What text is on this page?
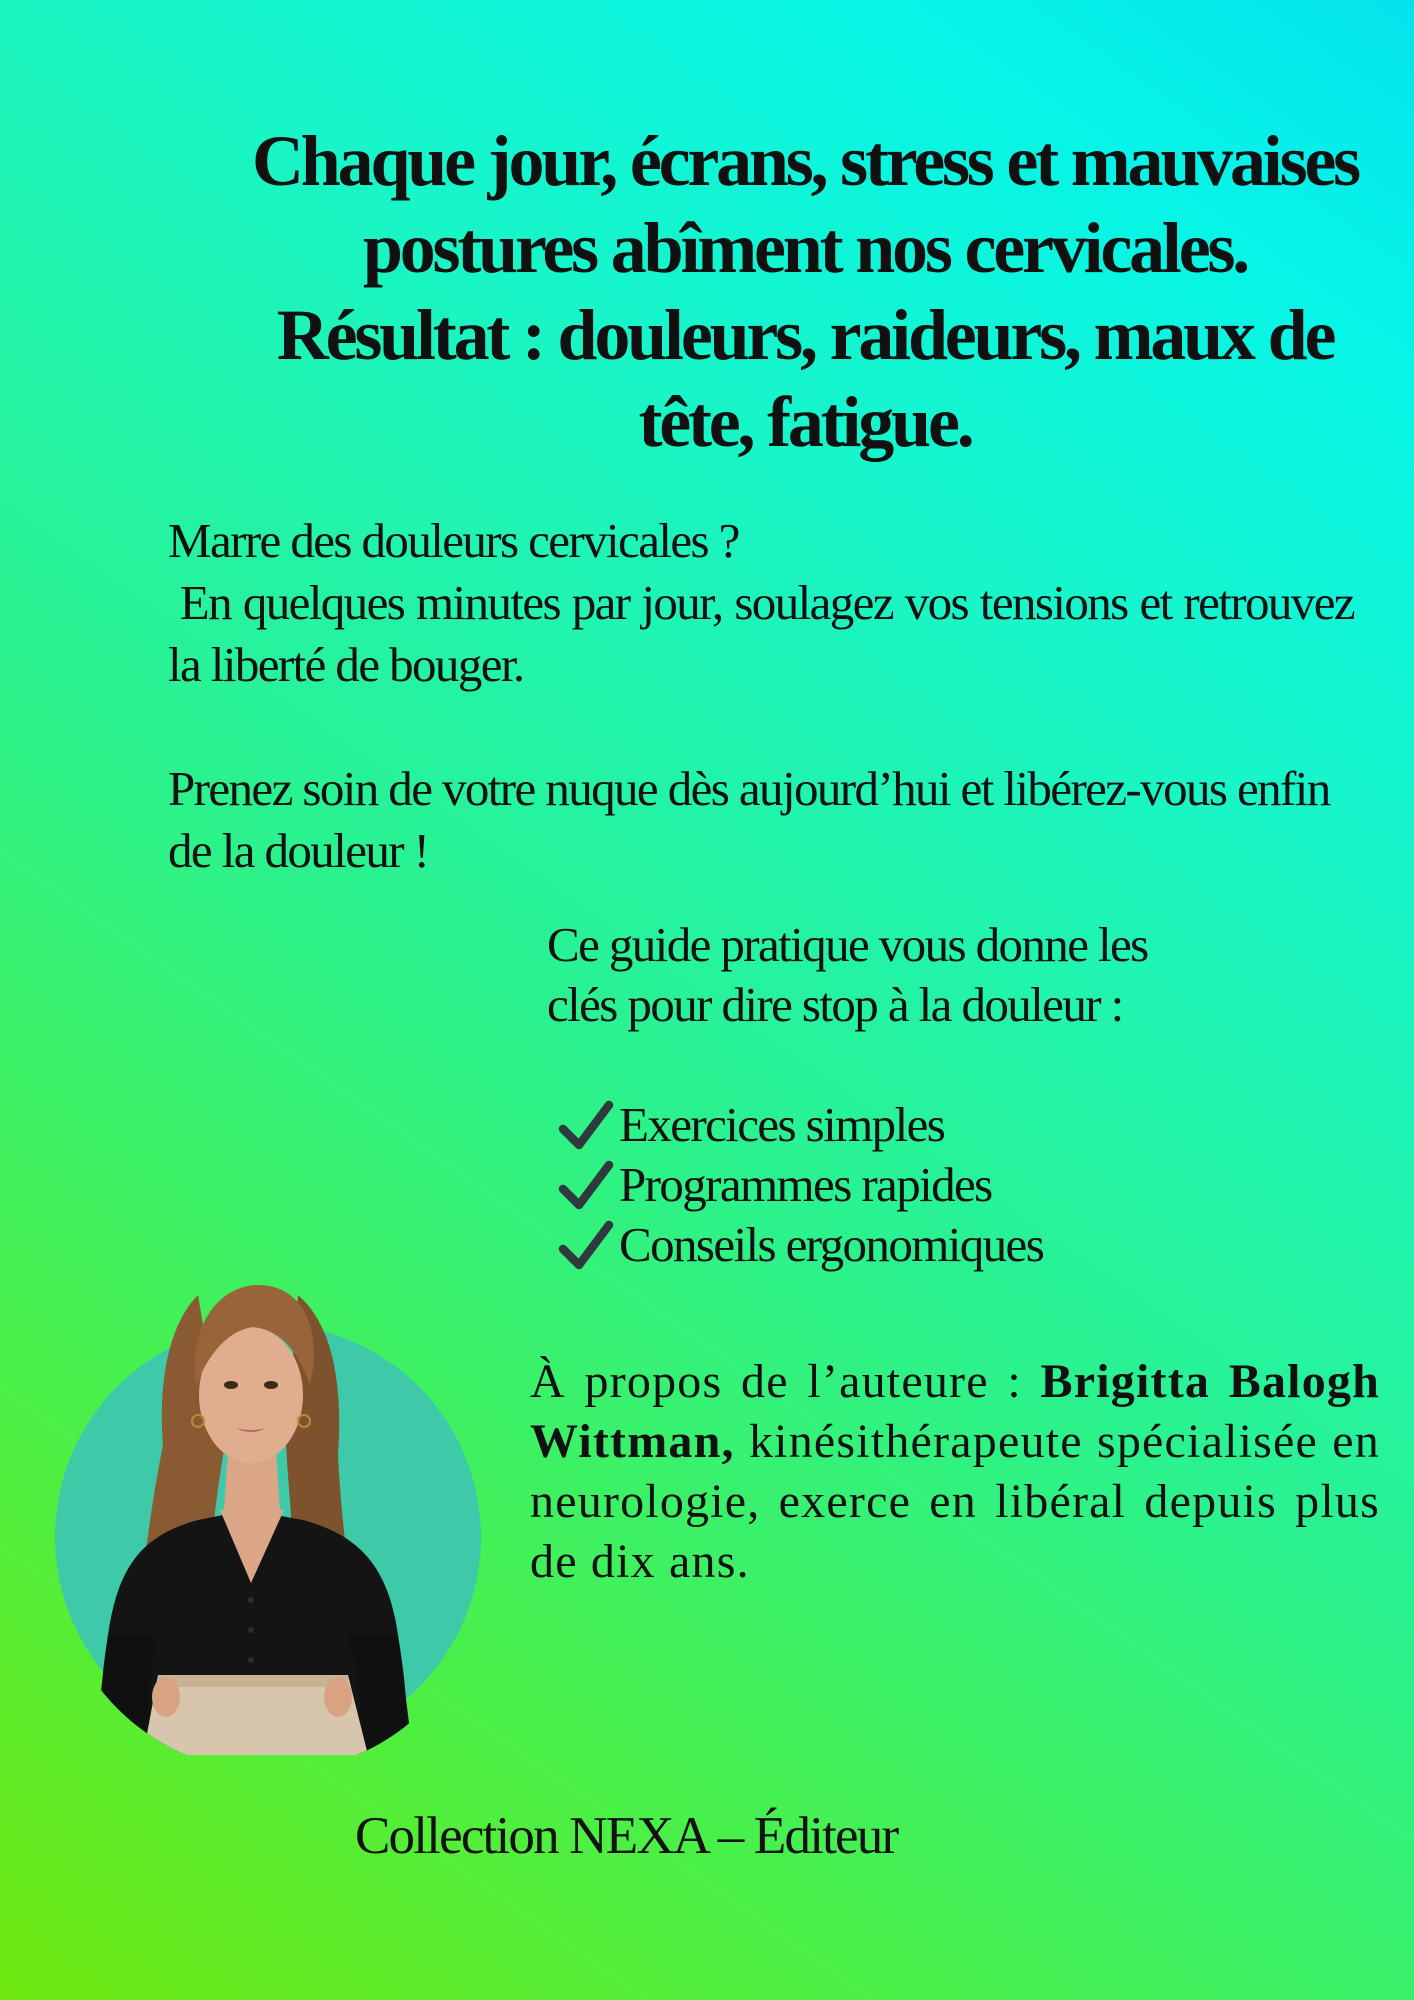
Chaque jour, écrans, stress et mauvaises
postures abîment nos cervicales.
Résultat : douleurs, raideurs, maux de
tête, fatigue.

Marre des douleurs cervicales ?

En quelques minutes par jour, soulagez vos tensions et retrouvez la liberté de bouger.

Prenez soin de votre nuque dès aujourd’hui et libérez-vous enfin de la douleur !

Ce guide pratique vous donne les

clés pour dire stop à la douleur :

Exercices simples
Programmes rapides
Conseils ergonomiques

À propos de l’auteure : Brigitta Balogh Wittman, kinésithérapeute spécialisée en neurologie, exerce en libéral depuis plus de dix ans.

Collection NEXA – Éditeur
